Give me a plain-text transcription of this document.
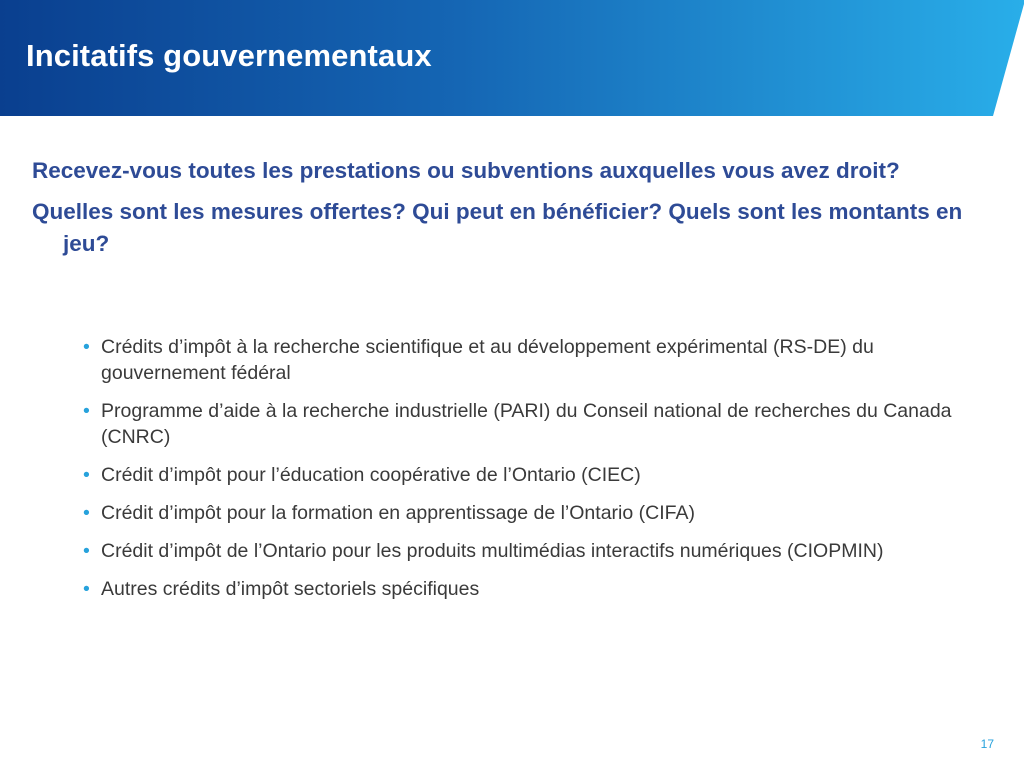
Incitatifs gouvernementaux

Recevez-vous toutes les prestations ou subventions auxquelles vous avez droit?

Quelles sont les mesures offertes? Qui peut en bénéficier? Quels sont les montants en jeu?

• Crédits d’impôt à la recherche scientifique et au développement expérimental (RS-DE) du gouvernement fédéral
• Programme d’aide à la recherche industrielle (PARI) du Conseil national de recherches du Canada (CNRC)
• Crédit d’impôt pour l’éducation coopérative de l’Ontario (CIEC)
• Crédit d’impôt pour la formation en apprentissage de l’Ontario (CIFA)
• Crédit d’impôt de l’Ontario pour les produits multimédias interactifs numériques (CIOPMIN)
• Autres crédits d’impôt sectoriels spécifiques
17
